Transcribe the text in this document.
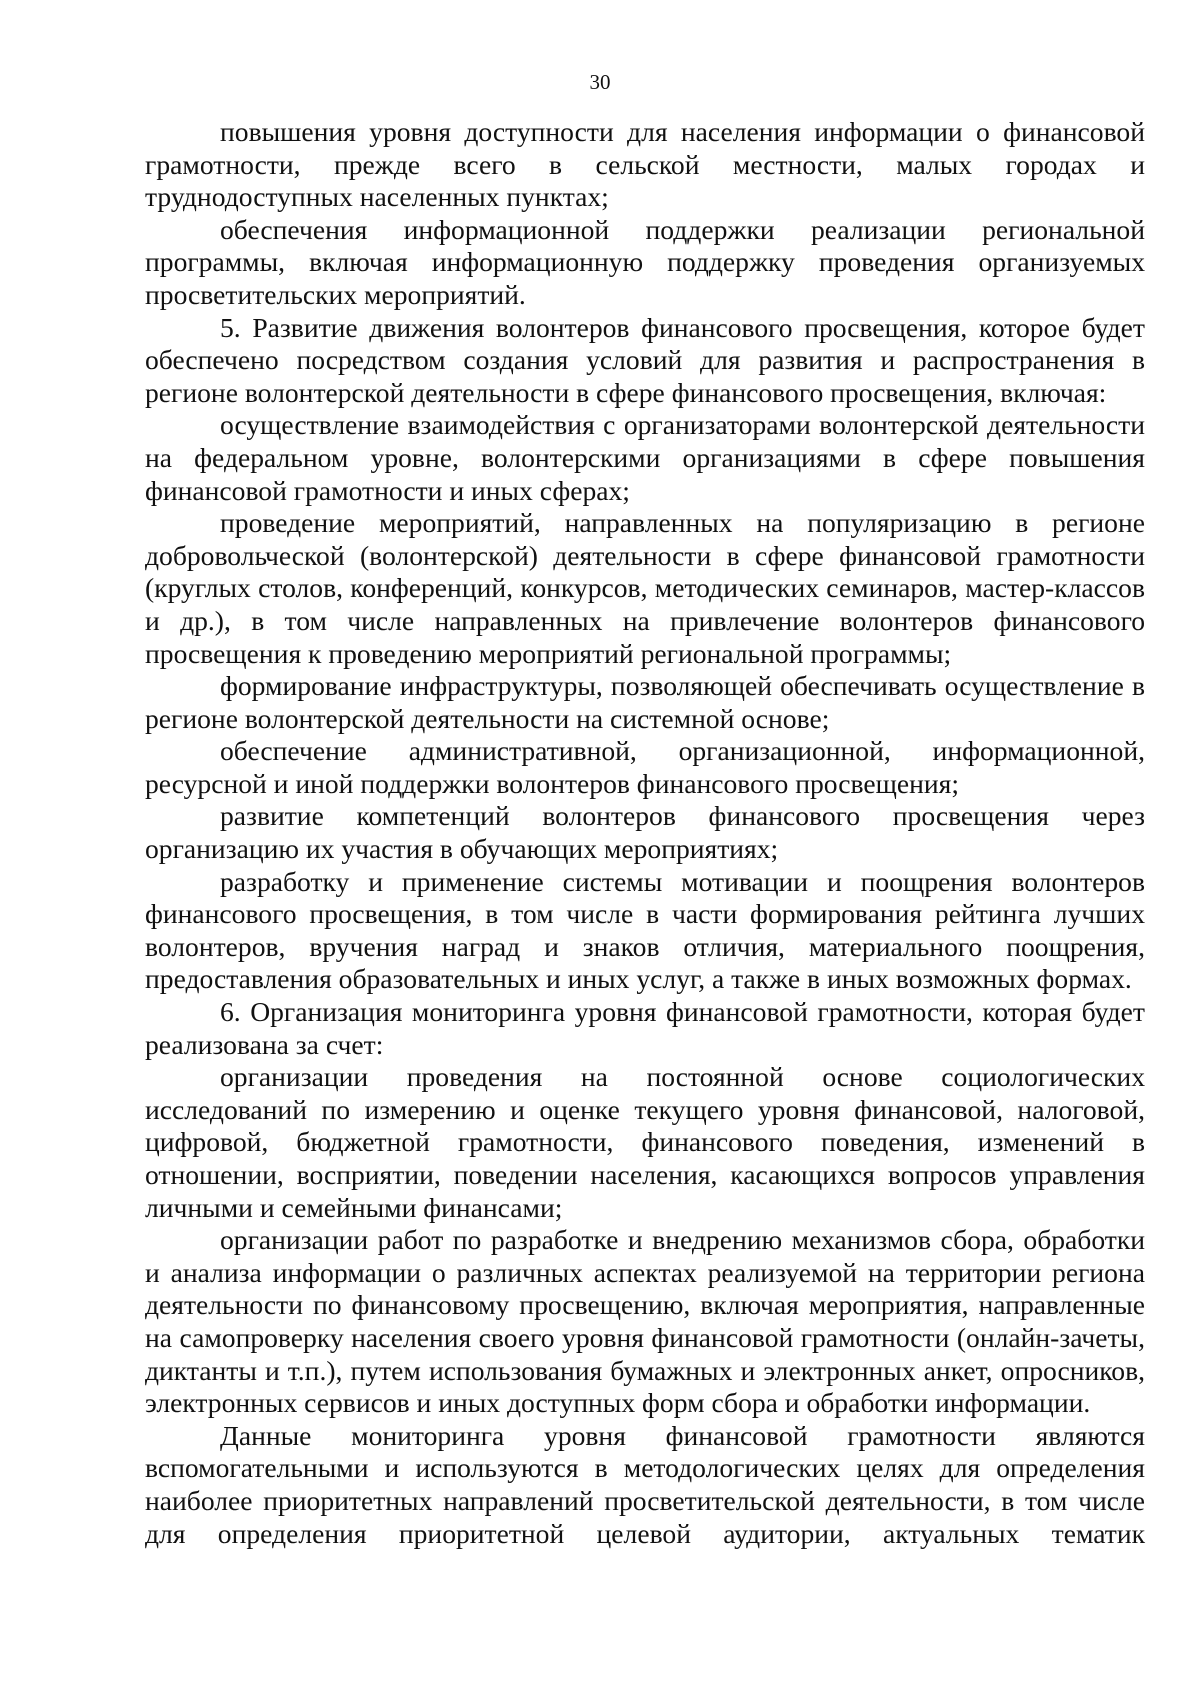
30

повышения уровня доступности для населения информации о финансовой грамотности, прежде всего в сельской местности, малых городах и труднодоступных населенных пунктах;

обеспечения информационной поддержки реализации региональной программы, включая информационную поддержку проведения организуемых просветительских мероприятий.

5. Развитие движения волонтеров финансового просвещения, которое будет обеспечено посредством создания условий для развития и распространения в регионе волонтерской деятельности в сфере финансового просвещения, включая:

осуществление взаимодействия с организаторами волонтерской деятельности на федеральном уровне, волонтерскими организациями в сфере повышения финансовой грамотности и иных сферах;

проведение мероприятий, направленных на популяризацию в регионе добровольческой (волонтерской) деятельности в сфере финансовой грамотности (круглых столов, конференций, конкурсов, методических семинаров, мастер-классов и др.), в том числе направленных на привлечение волонтеров финансового просвещения к проведению мероприятий региональной программы;

формирование инфраструктуры, позволяющей обеспечивать осуществление в регионе волонтерской деятельности на системной основе;

обеспечение административной, организационной, информационной, ресурсной и иной поддержки волонтеров финансового просвещения;

развитие компетенций волонтеров финансового просвещения через организацию их участия в обучающих мероприятиях;

разработку и применение системы мотивации и поощрения волонтеров финансового просвещения, в том числе в части формирования рейтинга лучших волонтеров, вручения наград и знаков отличия, материального поощрения, предоставления образовательных и иных услуг, а также в иных возможных формах.

6. Организация мониторинга уровня финансовой грамотности, которая будет реализована за счет:

организации проведения на постоянной основе социологических исследований по измерению и оценке текущего уровня финансовой, налоговой, цифровой, бюджетной грамотности, финансового поведения, изменений в отношении, восприятии, поведении населения, касающихся вопросов управления личными и семейными финансами;

организации работ по разработке и внедрению механизмов сбора, обработки и анализа информации о различных аспектах реализуемой на территории региона деятельности по финансовому просвещению, включая мероприятия, направленные на самопроверку населения своего уровня финансовой грамотности (онлайн-зачеты, диктанты и т.п.), путем использования бумажных и электронных анкет, опросников, электронных сервисов и иных доступных форм сбора и обработки информации.

Данные мониторинга уровня финансовой грамотности являются вспомогательными и используются в методологических целях для определения наиболее приоритетных направлений просветительской деятельности, в том числе для определения приоритетной целевой аудитории, актуальных тематик
